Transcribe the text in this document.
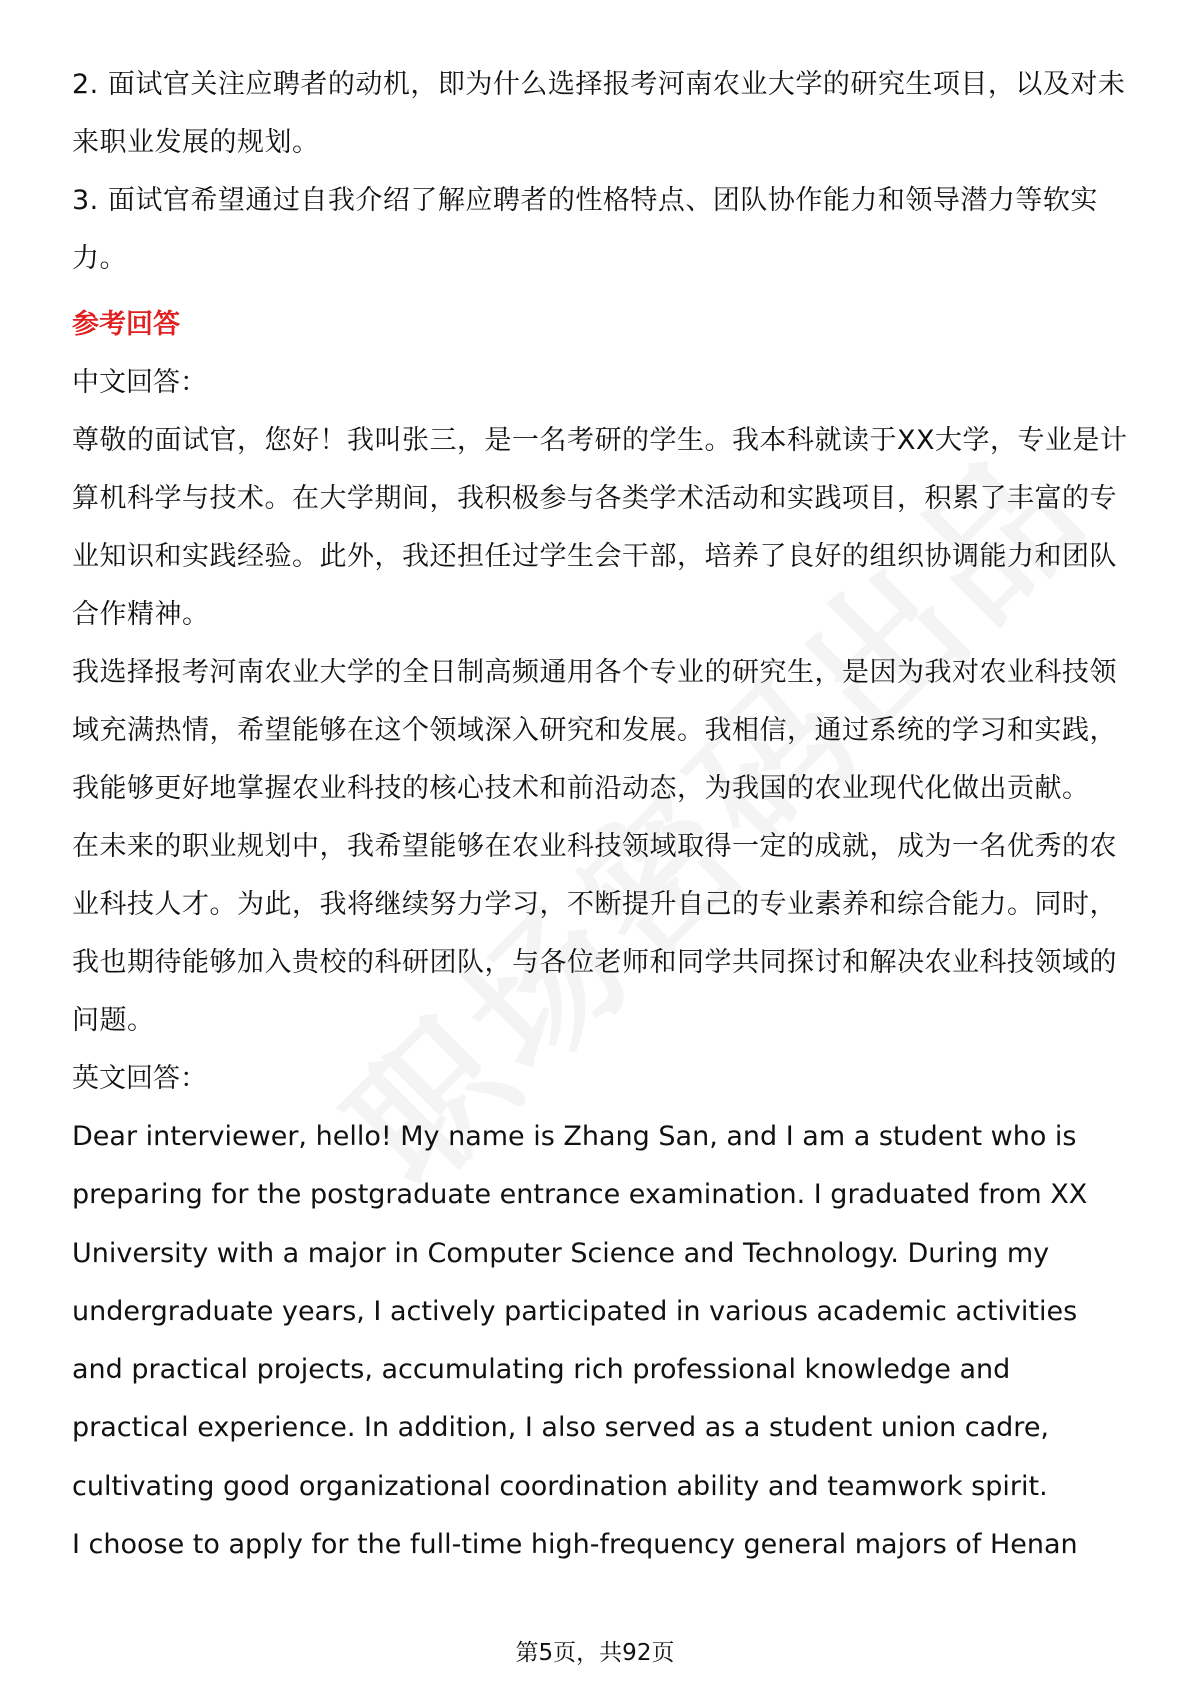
2. 面试官关注应聘者的动机，即为什么选择报考河南农业大学的研究生项目，以及对未来职业发展的规划。

3. 面试官希望通过自我介绍了解应聘者的性格特点、团队协作能力和领导潜力等软实力。

参考回答

中文回答：

尊敬的面试官，您好！我叫张三，是一名考研的学生。我本科就读于XX大学，专业是计算机科学与技术。在大学期间，我积极参与各类学术活动和实践项目，积累了丰富的专业知识和实践经验。此外，我还担任过学生会干部，培养了良好的组织协调能力和团队合作精神。

我选择报考河南农业大学的全日制高频通用各个专业的研究生，是因为我对农业科技领域充满热情，希望能够在这个领域深入研究和发展。我相信，通过系统的学习和实践，我能够更好地掌握农业科技的核心技术和前沿动态，为我国的农业现代化做出贡献。

在未来的职业规划中，我希望能够在农业科技领域取得一定的成就，成为一名优秀的农业科技人才。为此，我将继续努力学习，不断提升自己的专业素养和综合能力。同时，我也期待能够加入贵校的科研团队，与各位老师和同学共同探讨和解决农业科技领域的问题。

英文回答：

Dear interviewer, hello! My name is Zhang San, and I am a student who is preparing for the postgraduate entrance examination. I graduated from XX University with a major in Computer Science and Technology. During my undergraduate years, I actively participated in various academic activities and practical projects, accumulating rich professional knowledge and practical experience. In addition, I also served as a student union cadre, cultivating good organizational coordination ability and teamwork spirit.

I choose to apply for the full-time high-frequency general majors of Henan

第5页，共92页
